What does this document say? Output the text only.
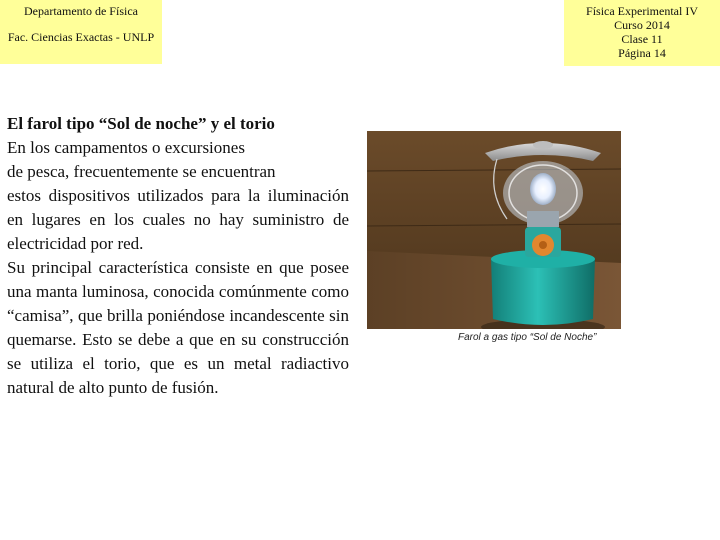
Departamento de Física
Fac. Ciencias Exactas - UNLP
Física Experimental IV
Curso 2014
Clase 11
Página 14
El farol tipo “Sol de noche” y el torio
En los campamentos o excursiones
de pesca, frecuentemente se encuentran

estos dispositivos utilizados para la iluminación en lugares en los cuales no hay suministro de electricidad por red.

Su principal característica consiste en que posee una manta luminosa, conocida comúnmente como “camisa”, que brilla poniéndose incandescente sin quemarse. Esto se debe a que en su construcción se utiliza el torio, que es un metal radiactivo natural de alto punto de fusión.

Farol a gas tipo “Sol de Noche”
